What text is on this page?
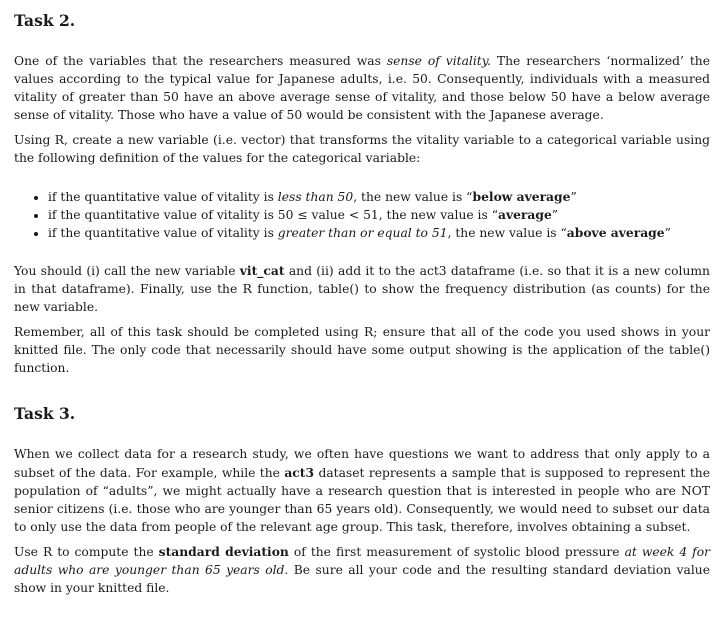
Task 2.

One of the variables that the researchers measured was sense of vitality. The researchers ‘normalized’ the values according to the typical value for Japanese adults, i.e. 50. Consequently, individuals with a measured vitality of greater than 50 have an above average sense of vitality, and those below 50 have a below average sense of vitality. Those who have a value of 50 would be consistent with the Japanese average.

Using R, create a new variable (i.e. vector) that transforms the vitality variable to a categorical variable using the following definition of the values for the categorical variable:

• if the quantitative value of vitality is less than 50, the new value is “below average”
• if the quantitative value of vitality is 50 ≤ value < 51, the new value is “average”
• if the quantitative value of vitality is greater than or equal to 51, the new value is “above average”

You should (i) call the new variable vit_cat and (ii) add it to the act3 dataframe (i.e. so that it is a new column in that dataframe). Finally, use the R function, table() to show the frequency distribution (as counts) for the new variable.

Remember, all of this task should be completed using R; ensure that all of the code you used shows in your knitted file. The only code that necessarily should have some output showing is the application of the table() function.

Task 3.

When we collect data for a research study, we often have questions we want to address that only apply to a subset of the data. For example, while the act3 dataset represents a sample that is supposed to represent the population of “adults”, we might actually have a research question that is interested in people who are NOT senior citizens (i.e. those who are younger than 65 years old). Consequently, we would need to subset our data to only use the data from people of the relevant age group. This task, therefore, involves obtaining a subset.

Use R to compute the standard deviation of the first measurement of systolic blood pressure at week 4 for adults who are younger than 65 years old. Be sure all your code and the resulting standard deviation value show in your knitted file.
